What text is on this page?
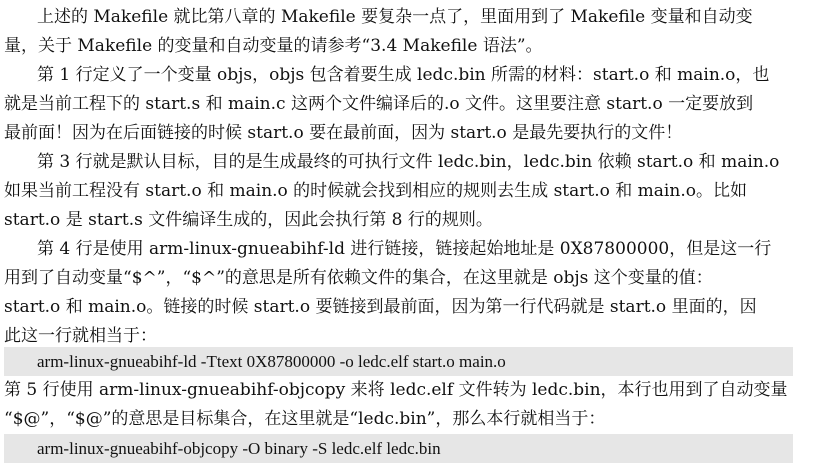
上述的 Makefile 就比第八章的 Makefile 要复杂一点了，里面用到了 Makefile 变量和自动变
量，关于 Makefile 的变量和自动变量的请参考“3.4 Makefile 语法”。
第 1 行定义了一个变量 objs，objs 包含着要生成 ledc.bin 所需的材料：start.o 和 main.o，也
就是当前工程下的 start.s 和 main.c 这两个文件编译后的.o 文件。这里要注意 start.o 一定要放到
最前面！因为在后面链接的时候 start.o 要在最前面，因为 start.o 是最先要执行的文件！
第 3 行就是默认目标，目的是生成最终的可执行文件 ledc.bin，ledc.bin 依赖 start.o 和 main.o
如果当前工程没有 start.o 和 main.o 的时候就会找到相应的规则去生成 start.o 和 main.o。比如
start.o 是 start.s 文件编译生成的，因此会执行第 8 行的规则。
第 4 行是使用 arm-linux-gnueabihf-ld 进行链接，链接起始地址是 0X87800000，但是这一行
用到了自动变量“$^”，“$^”的意思是所有依赖文件的集合，在这里就是 objs 这个变量的值：
start.o 和 main.o。链接的时候 start.o 要链接到最前面，因为第一行代码就是 start.o 里面的，因
此这一行就相当于：
arm-linux-gnueabihf-ld -Ttext 0X87800000 -o ledc.elf start.o main.o
第 5 行使用 arm-linux-gnueabihf-objcopy 来将 ledc.elf 文件转为 ledc.bin，本行也用到了自动变量
“$@”，“$@”的意思是目标集合，在这里就是“ledc.bin”，那么本行就相当于：
arm-linux-gnueabihf-objcopy -O binary -S ledc.elf ledc.bin
